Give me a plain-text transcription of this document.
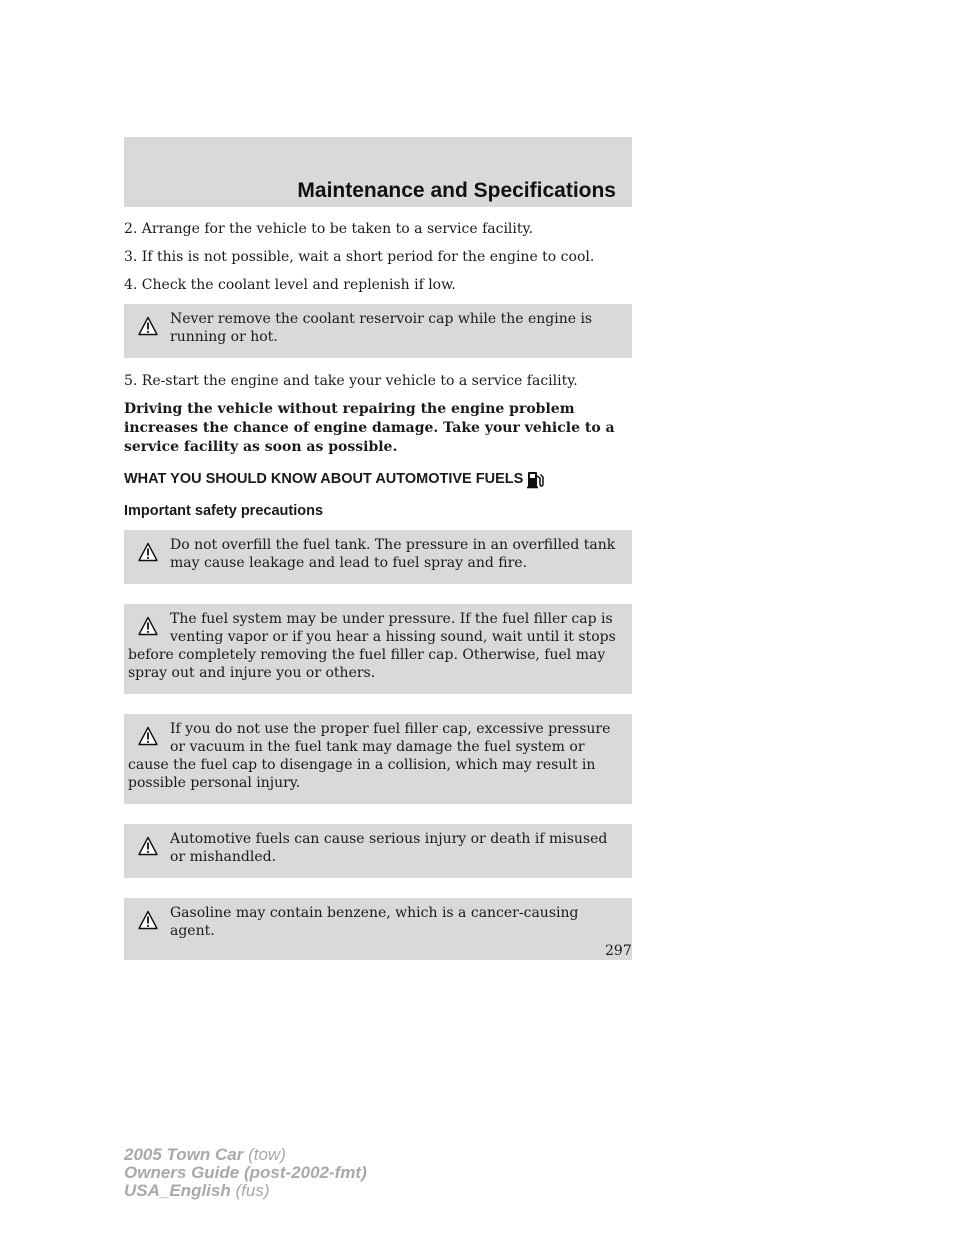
Maintenance and Specifications

2. Arrange for the vehicle to be taken to a service facility.

3. If this is not possible, wait a short period for the engine to cool.

4. Check the coolant level and replenish if low.

Never remove the coolant reservoir cap while the engine is running or hot.

5. Re-start the engine and take your vehicle to a service facility.

Driving the vehicle without repairing the engine problem increases the chance of engine damage. Take your vehicle to a service facility as soon as possible.

WHAT YOU SHOULD KNOW ABOUT AUTOMOTIVE FUELS
Important safety precautions
Do not overfill the fuel tank. The pressure in an overfilled tank may cause leakage and lead to fuel spray and fire.
The fuel system may be under pressure. If the fuel filler cap is venting vapor or if you hear a hissing sound, wait until it stops before completely removing the fuel filler cap. Otherwise, fuel may spray out and injure you or others.
If you do not use the proper fuel filler cap, excessive pressure or vacuum in the fuel tank may damage the fuel system or cause the fuel cap to disengage in a collision, which may result in possible personal injury.
Automotive fuels can cause serious injury or death if misused or mishandled.
Gasoline may contain benzene, which is a cancer-causing agent.
297
2005 Town Car (tow)
Owners Guide (post-2002-fmt)
USA_English (fus)
